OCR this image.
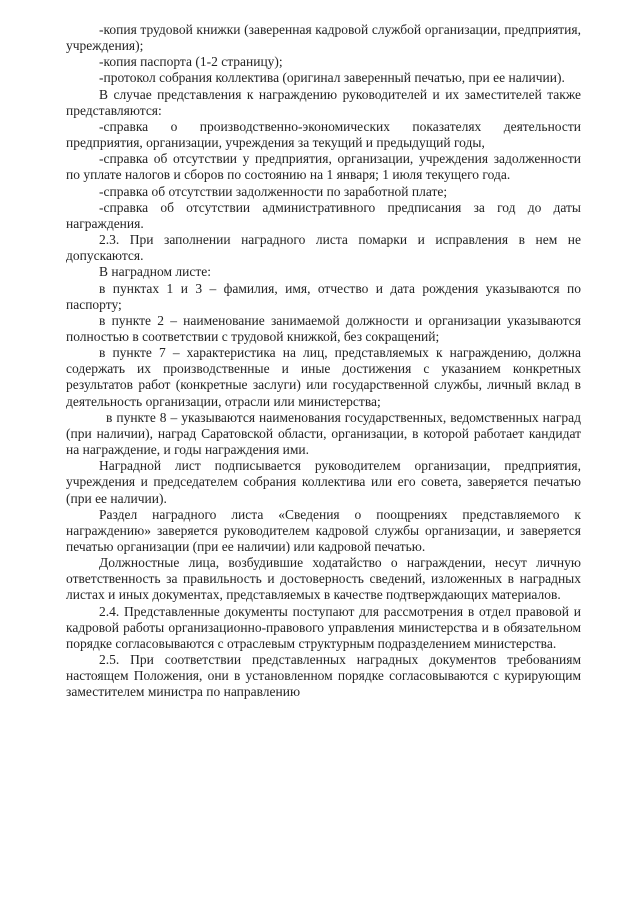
-копия трудовой книжки (заверенная кадровой службой организации, предприятия, учреждения);

-копия паспорта (1-2 страницу);

-протокол собрания коллектива (оригинал заверенный печатью, при ее наличии).

В случае представления к награждению руководителей и их заместителей также представляются:

-справка о производственно-экономических показателях деятельности предприятия, организации, учреждения за текущий и предыдущий годы,

-справка об отсутствии у предприятия, организации, учреждения задолженности по уплате налогов и сборов по состоянию на 1 января; 1 июля текущего года.

-справка об отсутствии задолженности по заработной плате;

-справка об отсутствии административного предписания за год до даты награждения.

2.3. При заполнении наградного листа помарки и исправления в нем не допускаются.

В наградном листе:

в пунктах 1 и 3 – фамилия, имя, отчество и дата рождения указываются по паспорту;

в пункте 2 – наименование занимаемой должности и организации указываются полностью в соответствии с трудовой книжкой, без сокращений;

в пункте 7 – характеристика на лиц, представляемых к награждению, должна содержать их производственные и иные достижения с указанием конкретных результатов работ (конкретные заслуги) или государственной службы, личный вклад в деятельность организации, отрасли или министерства;

в пункте 8 – указываются наименования государственных, ведомственных наград (при наличии), наград Саратовской области, организации, в которой работает кандидат на награждение, и годы награждения ими.

Наградной лист подписывается руководителем организации, предприятия, учреждения и председателем собрания коллектива или его совета, заверяется печатью (при ее наличии).

Раздел наградного листа «Сведения о поощрениях представляемого к награждению» заверяется руководителем кадровой службы организации, и заверяется печатью организации (при ее наличии) или кадровой печатью.

Должностные лица, возбудившие ходатайство о награждении, несут личную ответственность за правильность и достоверность сведений, изложенных в наградных листах и иных документах, представляемых в качестве подтверждающих материалов.

2.4. Представленные документы поступают для рассмотрения в отдел правовой и кадровой работы организационно-правового управления министерства и в обязательном порядке согласовываются с отраслевым структурным подразделением министерства.

2.5. При соответствии представленных наградных документов требованиям настоящем Положения, они в установленном порядке согласовываются с курирующим заместителем министра по направлению
